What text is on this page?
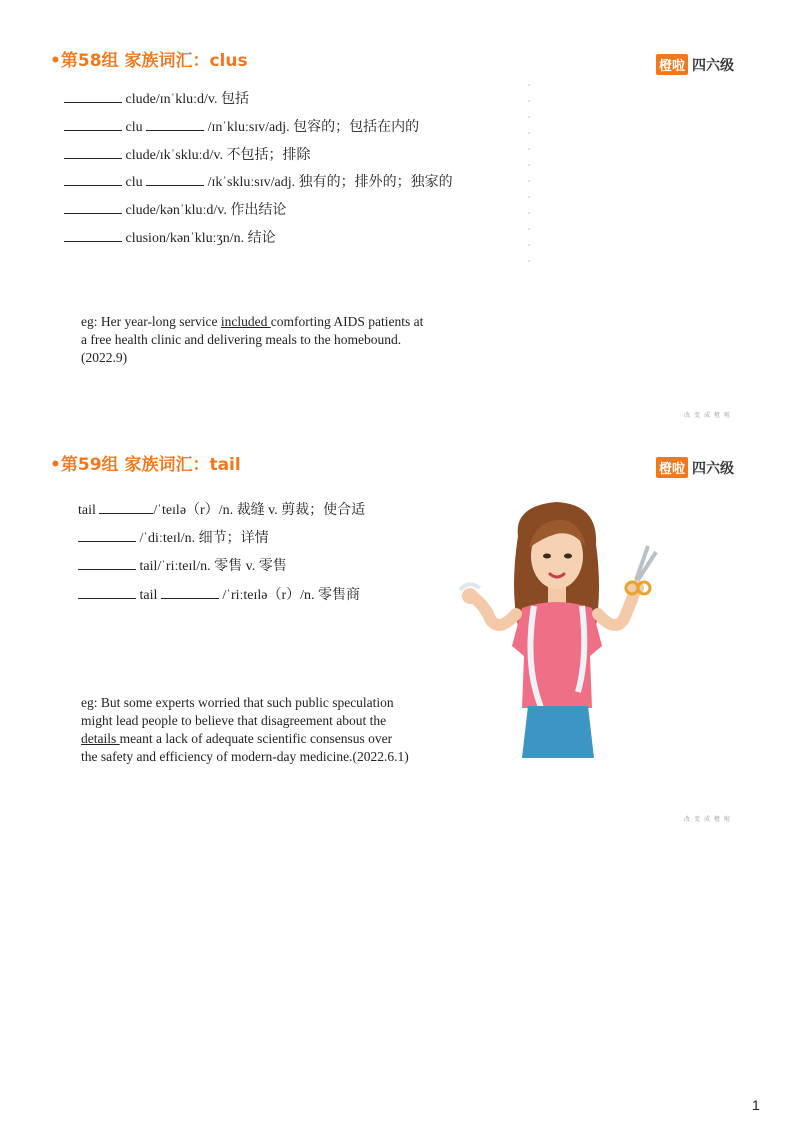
•第58组 家族词汇：clus	橙啦 四六级
clude/ɪnˈkluːd/v. 包括
clu	/ɪnˈkluːsɪv/adj. 包容的；包括在内的
clude/ɪkˈskluːd/v. 不包括；排除
clu	/ɪkˈskluːsɪv/adj. 独有的；排外的；独家的
clude/kənˈkluːd/v. 作出结论
clusion/kənˈkluːʒn/n. 结论
eg: Her year-long service included comforting AIDS patients at a free health clinic and delivering meals to the homebound.(2022.9)
改变成橙啦
•第59组 家族词汇：tail	橙啦 四六级
tail	/ˈteɪlə（r）/n. 裁缝 v. 剪裁；使合适
/ˈdiːteɪl/n. 细节；详情
tail/ˈriːteɪl/n. 零售 v. 零售
tail	/ˈriːteɪlə（r）/n. 零售商
eg: But some experts worried that such public speculation might lead people to believe that disagreement about the details meant a lack of adequate scientific consensus over the safety and efficiency of modern-day medicine.(2022.6.1)
改变成橙啦
1
